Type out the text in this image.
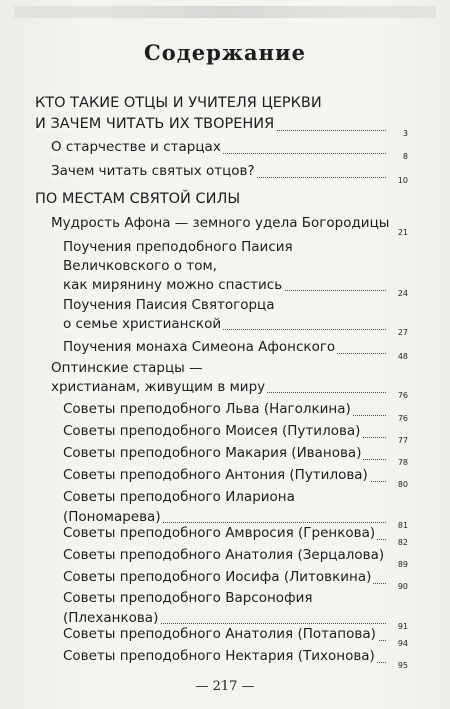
Содержание
КТО ТАКИЕ ОТЦЫ И УЧИТЕЛЯ ЦЕРКВИ
И ЗАЧЕМ ЧИТАТЬ ИХ ТВОРЕНИЯ
3
О старчестве и старцах
8
Зачем читать святых отцов?
10
ПО МЕСТАМ СВЯТОЙ СИЛЫ
Мудрость Афона — земного удела Богородицы
21
Поучения преподобного Паисия
Величковского о том,
как мирянину можно спастись
24
Поучения Паисия Святогорца
о семье христианской
27
Поучения монаха Симеона Афонского
48
Оптинские старцы —
христианам, живущим в миру
76
Советы преподобного Льва (Наголкина)
76
Советы преподобного Моисея (Путилова)
77
Советы преподобного Макария (Иванова)
78
Советы преподобного Антония (Путилова)
80
Советы преподобного Илариона
(Пономарева)
81
Советы преподобного Амвросия (Гренкова)
82
Советы преподобного Анатолия (Зерцалова)
89
Советы преподобного Иосифа (Литовкина)
90
Советы преподобного Варсонофия
(Плеханкова)
91
Советы преподобного Анатолия (Потапова)
94
Советы преподобного Нектария (Тихонова)
95
— 217 —
